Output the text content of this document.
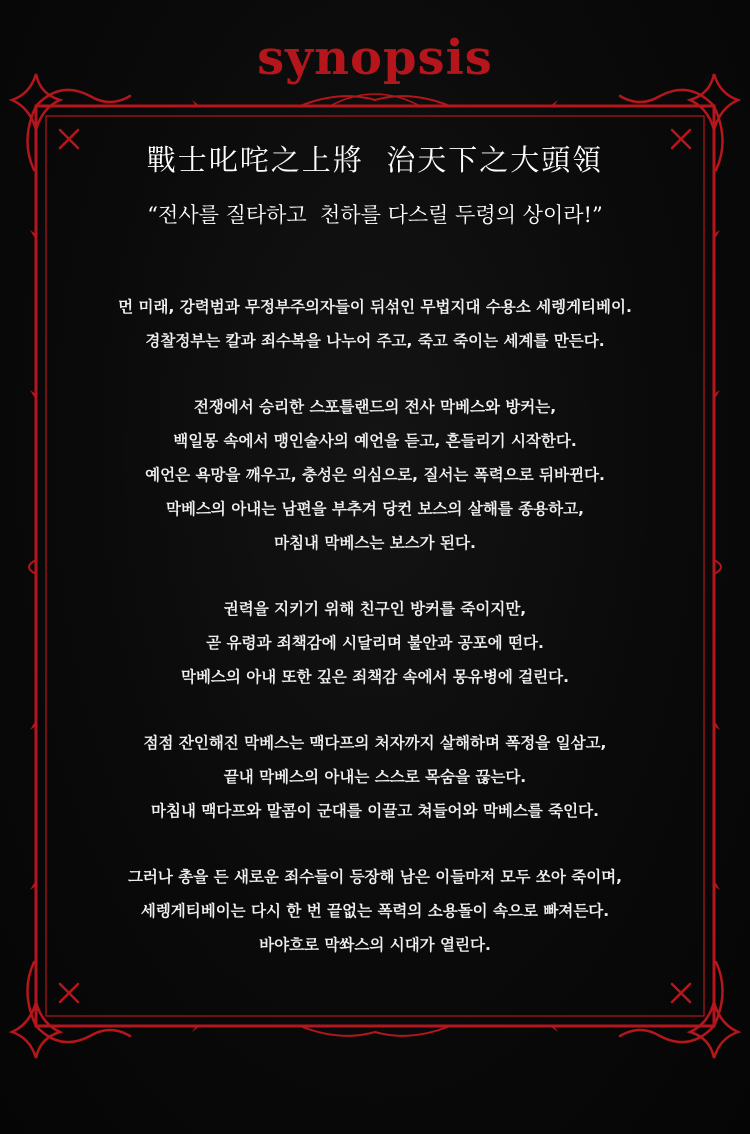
synopsis
戰士叱咤之上將  治天下之大頭領
“전사를 질타하고  천하를 다스릴 두령의 상이라!”
먼 미래, 강력범과 무정부주의자들이 뒤섞인 무법지대 수용소 세렝게티베이.
경찰정부는 칼과 죄수복을 나누어 주고, 죽고 죽이는 세계를 만든다.
전쟁에서 승리한 스포틀랜드의 전사 막베스와 방커는,
백일몽 속에서 맹인술사의 예언을 듣고, 흔들리기 시작한다.
예언은 욕망을 깨우고, 충성은 의심으로, 질서는 폭력으로 뒤바뀐다.
막베스의 아내는 남편을 부추겨 당컨 보스의 살해를 종용하고,
마침내 막베스는 보스가 된다.
권력을 지키기 위해 친구인 방커를 죽이지만,
곧 유령과 죄책감에 시달리며 불안과 공포에 떤다.
막베스의 아내 또한 깊은 죄책감 속에서 몽유병에 걸린다.
점점 잔인해진 막베스는 맥다프의 처자까지 살해하며 폭정을 일삼고,
끝내 막베스의 아내는 스스로 목숨을 끊는다.
마침내 맥다프와 말콤이 군대를 이끌고 쳐들어와 막베스를 죽인다.
그러나 총을 든 새로운 죄수들이 등장해 남은 이들마저 모두 쏘아 죽이며,
세렝게티베이는 다시 한 번 끝없는 폭력의 소용돌이 속으로 빠져든다.
바야흐로 막쏴스의 시대가 열린다.
